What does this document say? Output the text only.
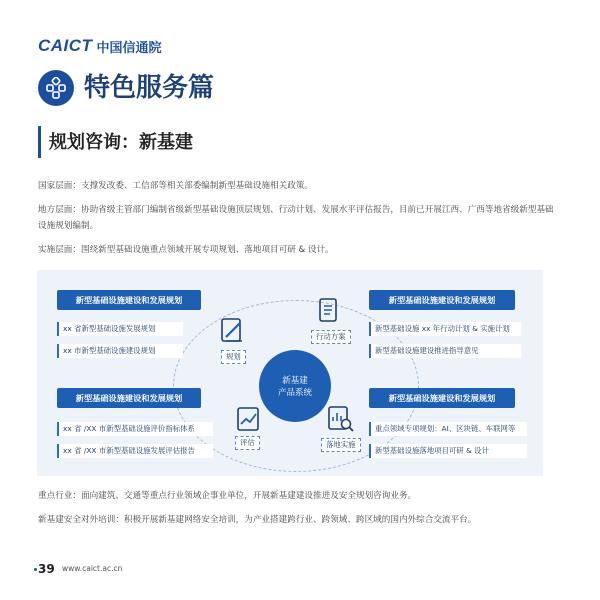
CAICT 中国信通院
特色服务篇
规划咨询：新基建
国家层面：支撑发改委、工信部等相关部委编制新型基础设施相关政策。
地方层面：协助省级主管部门编制省级新型基础设施顶层规划、行动计划、发展水平评估报告，目前已开展江西、广西等地省级新型基础设施规划编制。
实施层面：围绕新型基础设施重点领域开展专项规划、落地项目可研 & 设计。
新型基础设施建设和发展规划
xx 省新型基础设施发展规划
xx 市新型基础设施建设规划
新型基础设施建设和发展规划
新型基础设施 xx 年行动计划 & 实施计划
新型基础设施建设推进指导意见
新型基础设施建设和发展规划
xx 省 /XX 市新型基础设施评价指标体系
xx 省 /XX 市新型基础设施发展评估报告
新型基础设施建设和发展规划
重点领域专项规划：AI、区块链、车联网等
新型基础设施落地项目可研 & 设计
新基建
产品系统
规划
行动方案
评估	落地实施
重点行业：面向建筑、交通等重点行业领域企事业单位，开展新基建建设推进及安全规划咨询业务。
新基建安全对外培训：积极开展新基建网络安全培训，为产业搭建跨行业、跨领域、跨区域的国内外综合交流平台。
39 www.caict.ac.cn
